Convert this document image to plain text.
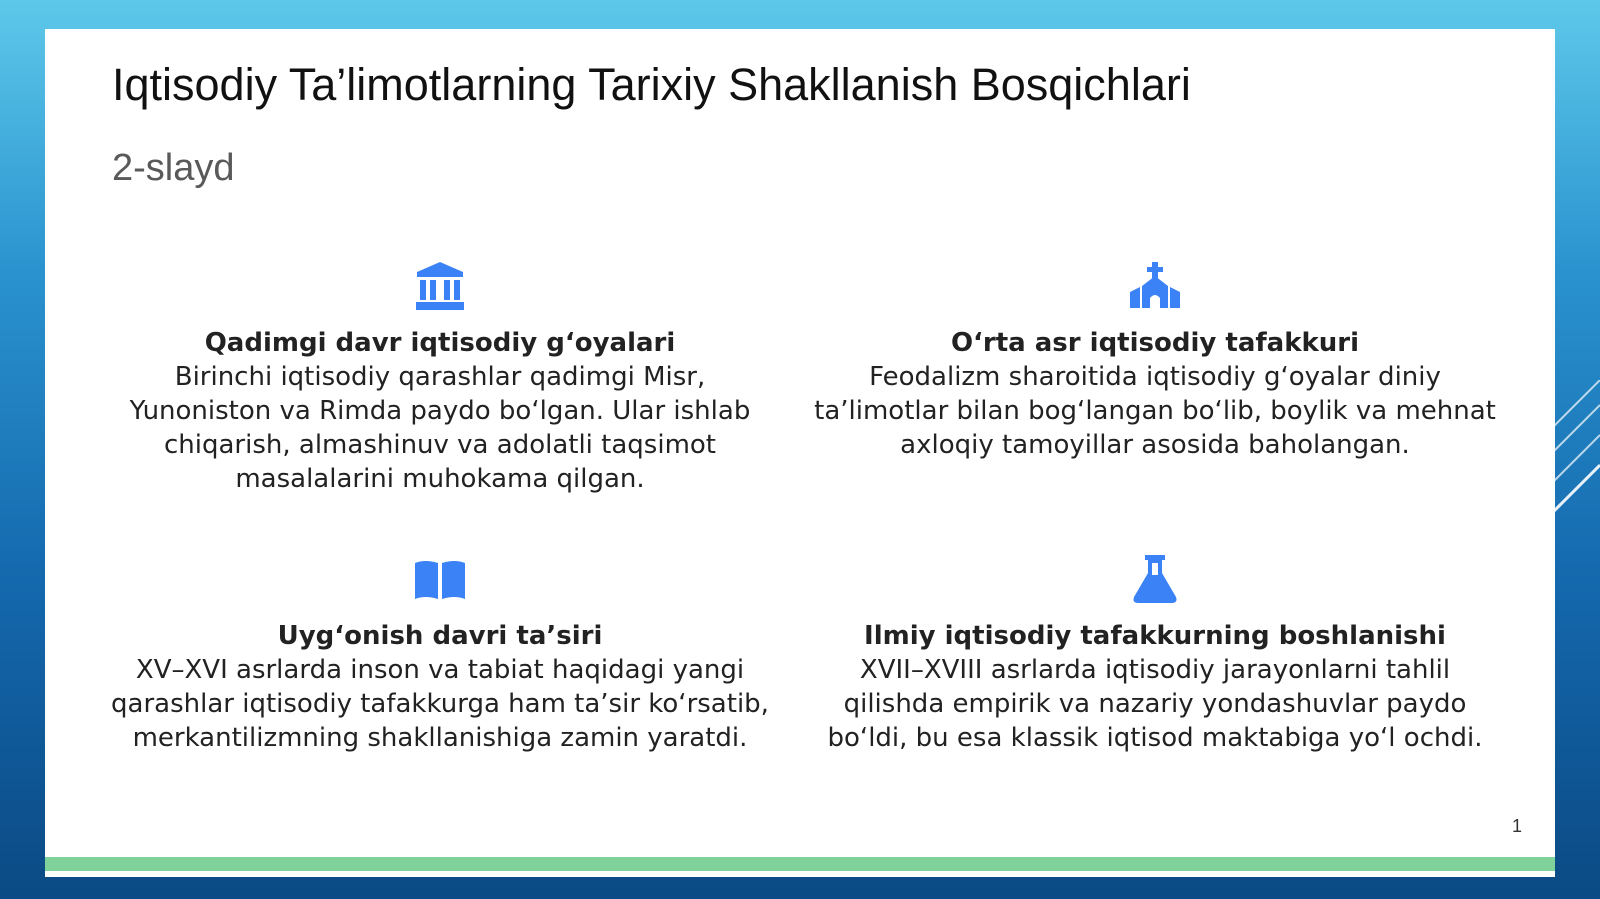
Iqtisodiy Ta’limotlarning Tarixiy Shakllanish Bosqichlari
2-slayd
Qadimgi davr iqtisodiy g‘oyalari
Birinchi iqtisodiy qarashlar qadimgi Misr, Yunoniston va Rimda paydo bo‘lgan. Ular ishlab chiqarish, almashinuv va adolatli taqsimot masalalarini muhokama qilgan.
O‘rta asr iqtisodiy tafakkuri
Feodalizm sharoitida iqtisodiy g‘oyalar diniy ta’limotlar bilan bog‘langan bo‘lib, boylik va mehnat axloqiy tamoyillar asosida baholangan.
Uyg‘onish davri ta’siri
XV–XVI asrlarda inson va tabiat haqidagi yangi qarashlar iqtisodiy tafakkurga ham ta’sir ko‘rsatib, merkantilizmning shakllanishiga zamin yaratdi.
Ilmiy iqtisodiy tafakkurning boshlanishi
XVII–XVIII asrlarda iqtisodiy jarayonlarni tahlil qilishda empirik va nazariy yondashuvlar paydo bo‘ldi, bu esa klassik iqtisod maktabiga yo‘l ochdi.
1
